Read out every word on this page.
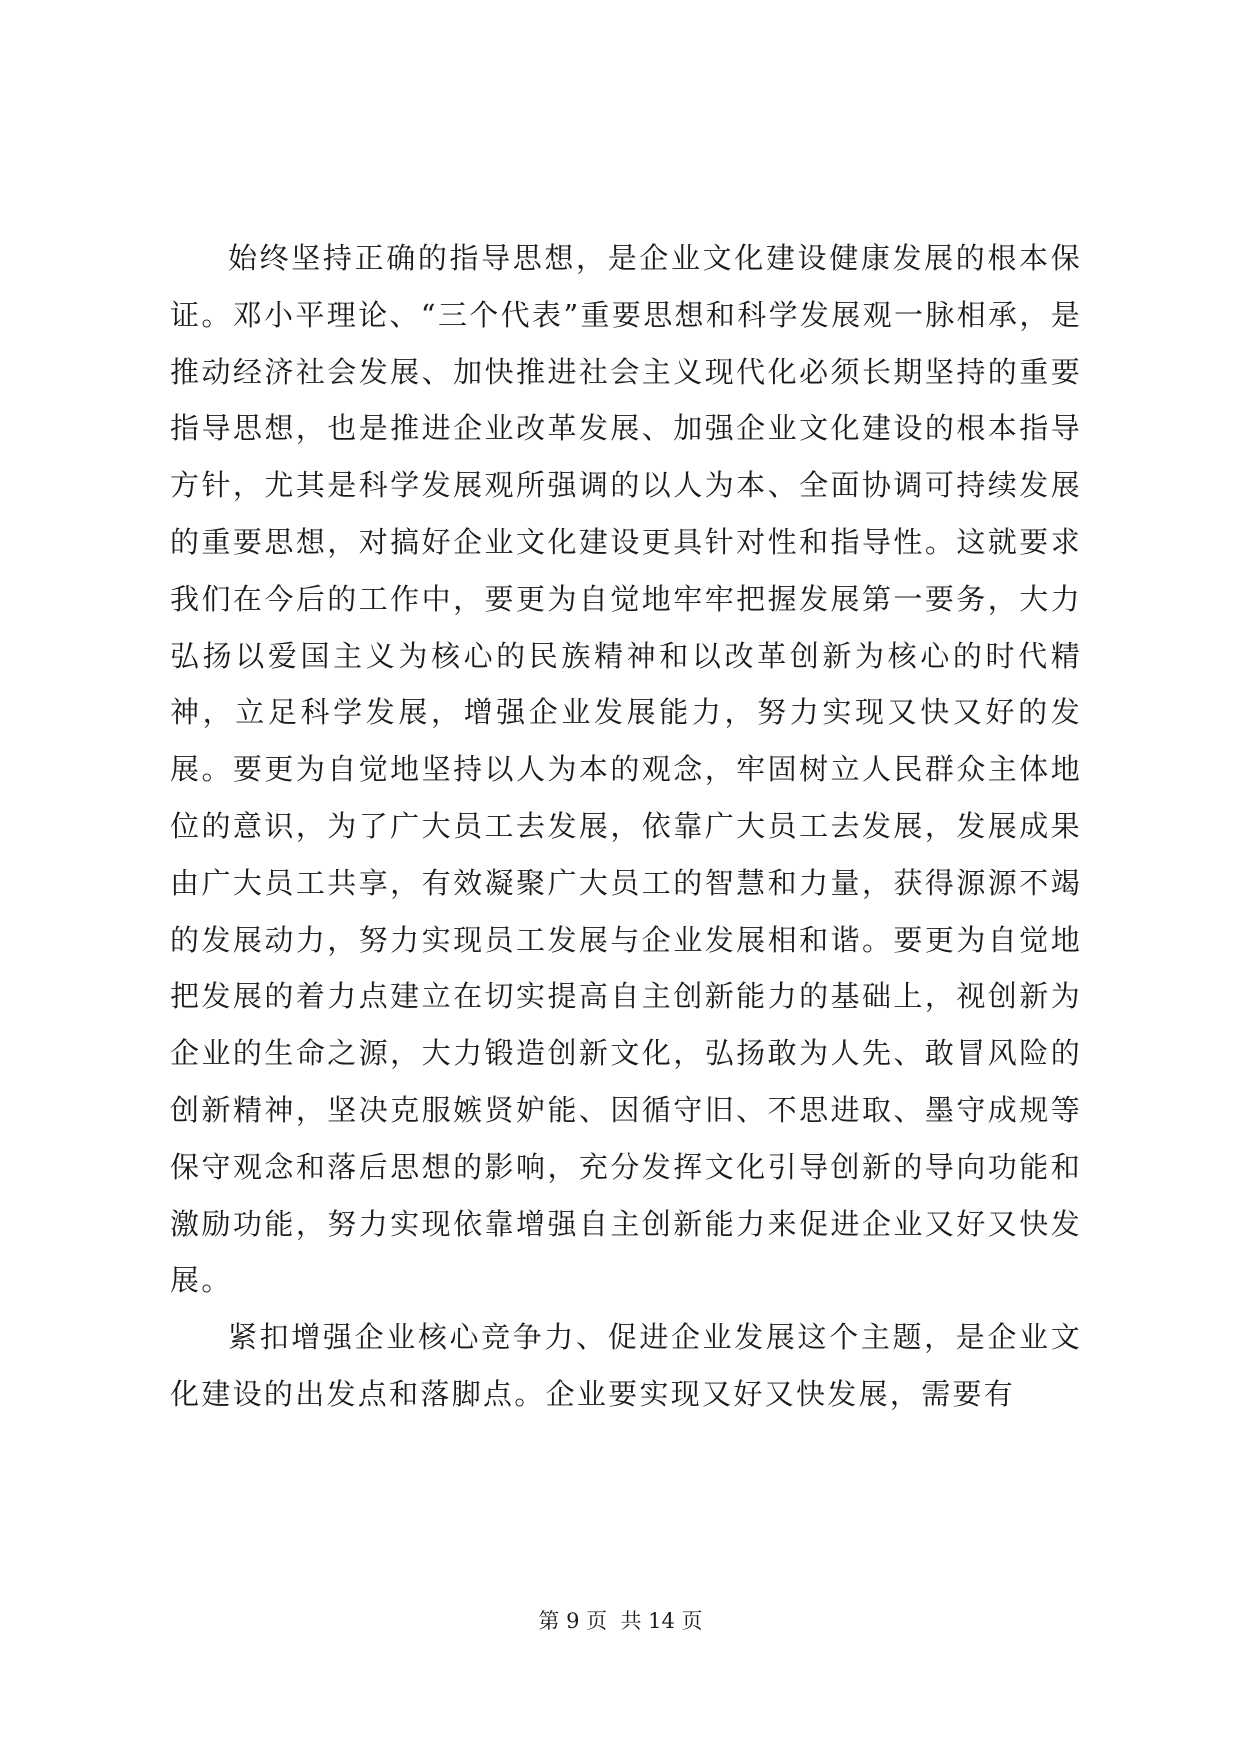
始终坚持正确的指导思想，是企业文化建设健康发展的根本保证。邓小平理论、“三个代表”重要思想和科学发展观一脉相承，是推动经济社会发展、加快推进社会主义现代化必须长期坚持的重要指导思想，也是推进企业改革发展、加强企业文化建设的根本指导方针，尤其是科学发展观所强调的以人为本、全面协调可持续发展的重要思想，对搞好企业文化建设更具针对性和指导性。这就要求我们在今后的工作中，要更为自觉地牢牢把握发展第一要务，大力弘扬以爱国主义为核心的民族精神和以改革创新为核心的时代精神，立足科学发展，增强企业发展能力，努力实现又快又好的发展。要更为自觉地坚持以人为本的观念，牢固树立人民群众主体地位的意识，为了广大员工去发展，依靠广大员工去发展，发展成果由广大员工共享，有效凝聚广大员工的智慧和力量，获得源源不竭的发展动力，努力实现员工发展与企业发展相和谐。要更为自觉地把发展的着力点建立在切实提高自主创新能力的基础上，视创新为企业的生命之源，大力锻造创新文化，弘扬敢为人先、敢冒风险的创新精神，坚决克服嫉贤妒能、因循守旧、不思进取、墨守成规等保守观念和落后思想的影响，充分发挥文化引导创新的导向功能和激励功能，努力实现依靠增强自主创新能力来促进企业又好又快发展。

紧扣增强企业核心竞争力、促进企业发展这个主题，是企业文化建设的出发点和落脚点。企业要实现又好又快发展，需要有

第 9 页  共 14 页
